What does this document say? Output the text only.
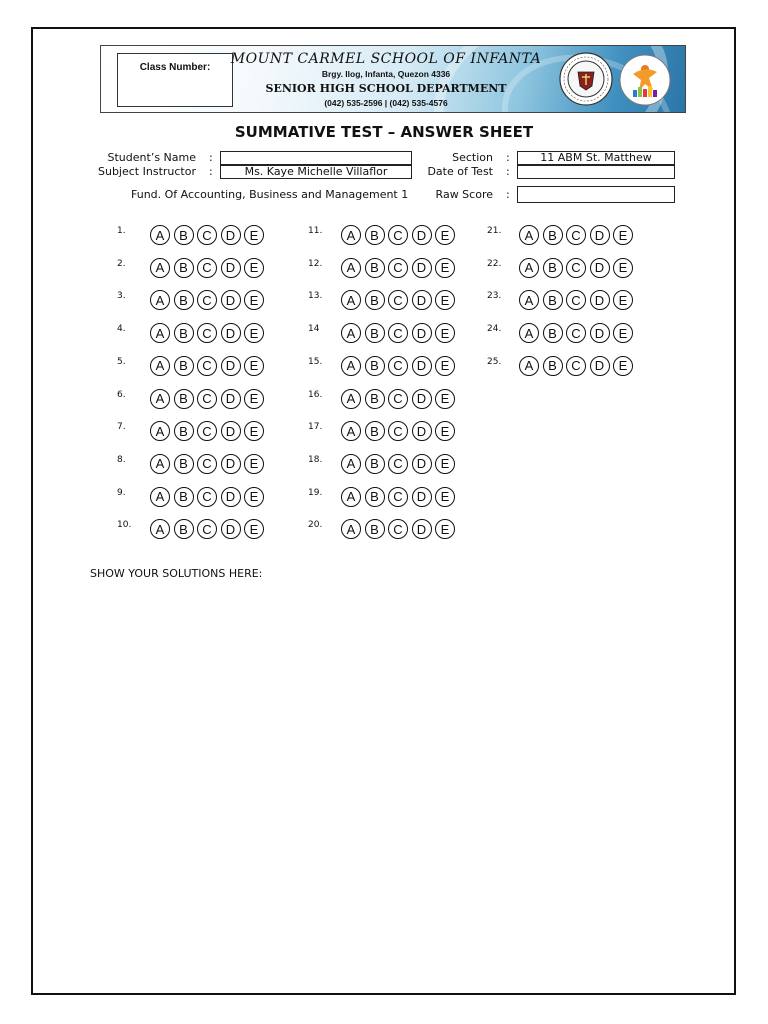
Class Number:
MOUNT CARMEL SCHOOL OF INFANTA
Brgy. Ilog, Infanta, Quezon 4336
SENIOR HIGH SCHOOL DEPARTMENT
(042) 535-2596 | (042) 535-4576
SUMMATIVE TEST – ANSWER SHEET
Student’s Name :
Subject Instructor :	Ms. Kaye Michelle Villaflor
Fund. Of Accounting, Business and Management 1
Section :	11 ABM St. Matthew
Date of Test :
Raw Score :
1.	A	B	C	D	E
2.	A	B	C	D	E
3.	A	B	C	D	E
4.	A	B	C	D	E
5.	A	B	C	D	E
6.	A	B	C	D	E
7.	A	B	C	D	E
8.	A	B	C	D	E
9.	A	B	C	D	E
10.	A	B	C	D	E
11.	A	B	C	D	E
12.	A	B	C	D	E
13.	A	B	C	D	E
14	A	B	C	D	E
15.	A	B	C	D	E
16.	A	B	C	D	E
17.	A	B	C	D	E
18.	A	B	C	D	E
19.	A	B	C	D	E
20.	A	B	C	D	E
21.	A	B	C	D	E
22.	A	B	C	D	E
23.	A	B	C	D	E
24.	A	B	C	D	E
25.	A	B	C	D	E
SHOW YOUR SOLUTIONS HERE:
